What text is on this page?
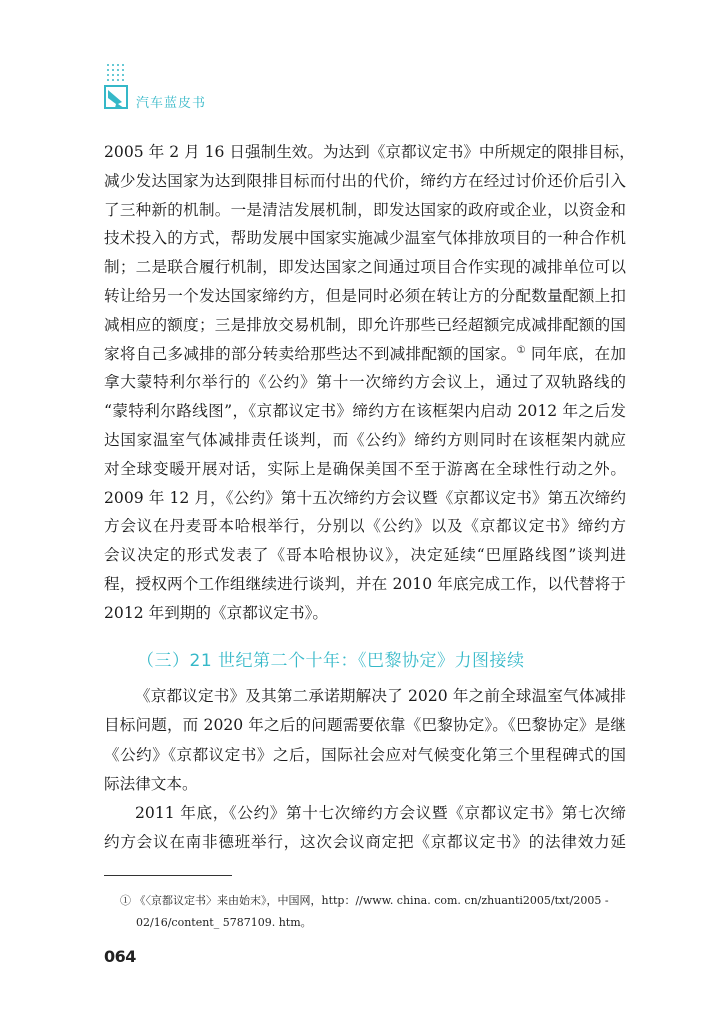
汽车蓝皮书

2005 年 2 月 16 日强制生效。为达到《京都议定书》中所规定的限排目标，
减少发达国家为达到限排目标而付出的代价，缔约方在经过讨价还价后引入
了三种新的机制。一是清洁发展机制，即发达国家的政府或企业，以资金和
技术投入的方式，帮助发展中国家实施减少温室气体排放项目的一种合作机
制；二是联合履行机制，即发达国家之间通过项目合作实现的减排单位可以
转让给另一个发达国家缔约方，但是同时必须在转让方的分配数量配额上扣
减相应的额度；三是排放交易机制，即允许那些已经超额完成减排配额的国
家将自己多减排的部分转卖给那些达不到减排配额的国家。① 同年底，在加
拿大蒙特利尔举行的《公约》第十一次缔约方会议上，通过了双轨路线的
“蒙特利尔路线图”，《京都议定书》缔约方在该框架内启动 2012 年之后发
达国家温室气体减排责任谈判，而《公约》缔约方则同时在该框架内就应
对全球变暖开展对话，实际上是确保美国不至于游离在全球性行动之外。
2009 年 12 月，《公约》第十五次缔约方会议暨《京都议定书》第五次缔约
方会议在丹麦哥本哈根举行，分别以《公约》以及《京都议定书》缔约方
会议决定的形式发表了《哥本哈根协议》，决定延续“巴厘路线图”谈判进
程，授权两个工作组继续进行谈判，并在 2010 年底完成工作，以代替将于
2012 年到期的《京都议定书》。

（三）21 世纪第二个十年：《巴黎协定》力图接续

《京都议定书》及其第二承诺期解决了 2020 年之前全球温室气体减排
目标问题，而 2020 年之后的问题需要依靠《巴黎协定》。《巴黎协定》是继
《公约》《京都议定书》之后，国际社会应对气候变化第三个里程碑式的国
际法律文本。

2011 年底，《公约》第十七次缔约方会议暨《京都议定书》第七次缔
约方会议在南非德班举行，这次会议商定把《京都议定书》的法律效力延

① 《〈京都议定书〉来由始末》，中国网，http：//www. china. com. cn/zhuanti2005/txt/2005 -
02/16/content_ 5787109. htm。
064
